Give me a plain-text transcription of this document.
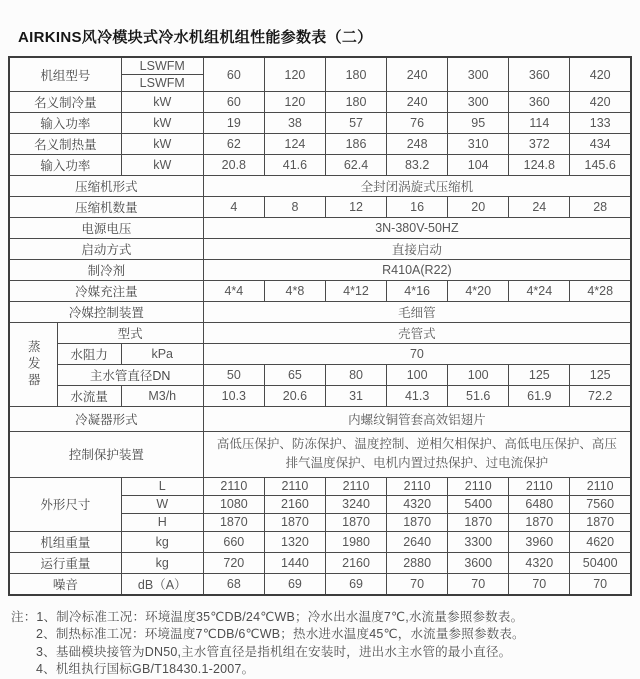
AIRKINS风冷模块式冷水机组机组性能参数表（二）
机组型号		LSWFM	60	120	180	240	300	360	420
		LSWFM							
名义制冷量		kW	60	120	180	240	300	360	420
输入功率		kW	19	38	57	76	95	114	133
名义制热量		kW	62	124	186	248	310	372	434
输入功率		kW	20.8	41.6	62.4	83.2	104	124.8	145.6
压缩机形式			全封闭涡旋式压缩机						
压缩机数量			4	8	12	16	20	24	28
电源电压			3N-380V-50HZ						
启动方式			直接启动						
制冷剂			R410A(R22)						
冷媒充注量			4*4	4*8	4*12	4*16	4*20	4*24	4*28
冷媒控制装置			毛细管						
蒸发器	型式		壳管式						
	水阻力	kPa	70						
	主水管直径DN		50	65	80	100	100	125	125
	水流量	M3/h	10.3	20.6	31	41.3	51.6	61.9	72.2
冷凝器形式			内螺纹铜管套高效铝翅片						
控制保护装置			高低压保护、防冻保护、温度控制、逆相欠相保护、高低电压保护、高压排气温度保护、电机内置过热保护、过电流保护						
外形尺寸		L	2110	2110	2110	2110	2110	2110	2110
		W	1080	2160	3240	4320	5400	6480	7560
		H	1870	1870	1870	1870	1870	1870	1870
机组重量		kg	660	1320	1980	2640	3300	3960	4620
运行重量		kg	720	1440	2160	2880	3600	4320	50400
噪音		dB（A）	68	69	69	70	70	70	70
注：1、制冷标准工况：环境温度35℃DB/24℃WB；冷水出水温度7℃,水流量参照参数表。
2、制热标准工况：环境温度7℃DB/6℃WB；热水进水温度45℃，水流量参照参数表。
3、基础模块接管为DN50,主水管直径是指机组在安装时，进出水主水管的最小直径。
4、机组执行国标GB/T18430.1-2007。
